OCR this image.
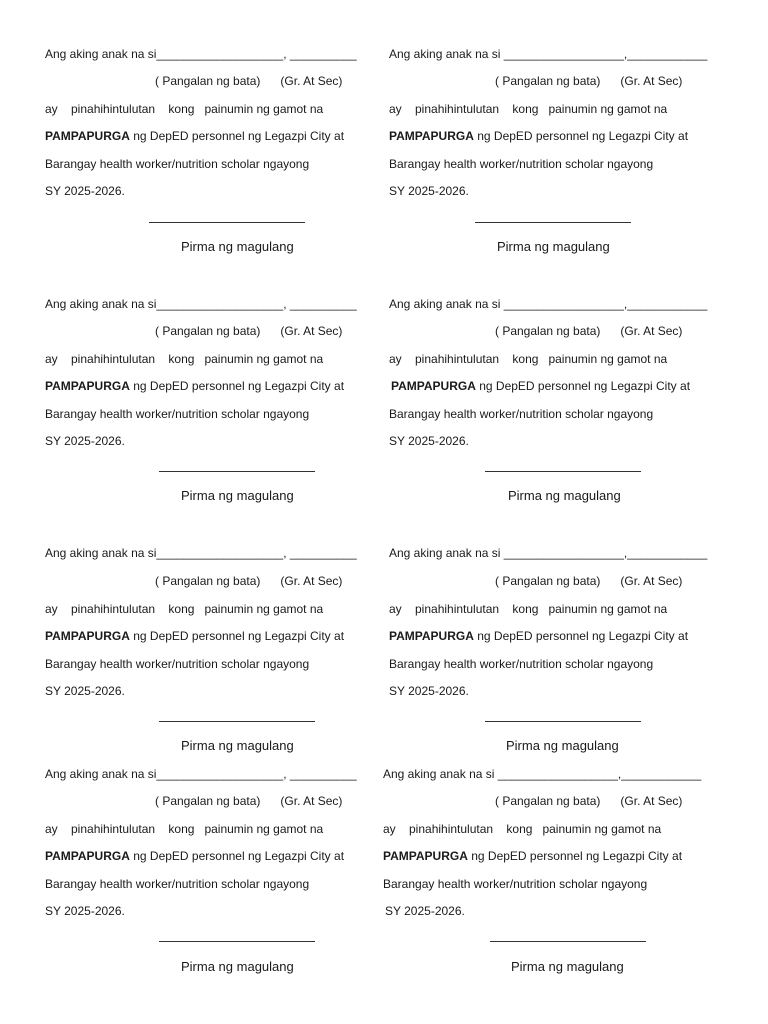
Ang aking anak na si___________________, __________
( Pangalan ng bata)      (Gr. At Sec)
ay    pinahihintulutan    kong   painumin ng gamot na
PAMPAPURGA ng DepED personnel ng Legazpi City at
Barangay health worker/nutrition scholar ngayong
SY 2025-2026.
Pirma ng magulang
Ang aking anak na si __________________,____________
( Pangalan ng bata)      (Gr. At Sec)
ay    pinahihintulutan    kong   painumin ng gamot na
PAMPAPURGA ng DepED personnel ng Legazpi City at
Barangay health worker/nutrition scholar ngayong
SY 2025-2026.
Pirma ng magulang
Ang aking anak na si___________________, __________
( Pangalan ng bata)      (Gr. At Sec)
ay    pinahihintulutan    kong   painumin ng gamot na
PAMPAPURGA ng DepED personnel ng Legazpi City at
Barangay health worker/nutrition scholar ngayong
SY 2025-2026.
Pirma ng magulang
Ang aking anak na si __________________,____________
( Pangalan ng bata)      (Gr. At Sec)
ay    pinahihintulutan    kong   painumin ng gamot na
PAMPAPURGA ng DepED personnel ng Legazpi City at
Barangay health worker/nutrition scholar ngayong
SY 2025-2026.
Pirma ng magulang
Ang aking anak na si___________________, __________
( Pangalan ng bata)      (Gr. At Sec)
ay    pinahihintulutan    kong   painumin ng gamot na
PAMPAPURGA ng DepED personnel ng Legazpi City at
Barangay health worker/nutrition scholar ngayong
SY 2025-2026.
Pirma ng magulang
Ang aking anak na si __________________,____________
( Pangalan ng bata)      (Gr. At Sec)
ay    pinahihintulutan    kong   painumin ng gamot na
PAMPAPURGA ng DepED personnel ng Legazpi City at
Barangay health worker/nutrition scholar ngayong
SY 2025-2026.
Pirma ng magulang
Ang aking anak na si___________________, __________
( Pangalan ng bata)      (Gr. At Sec)
ay    pinahihintulutan    kong   painumin ng gamot na
PAMPAPURGA ng DepED personnel ng Legazpi City at
Barangay health worker/nutrition scholar ngayong
SY 2025-2026.
Pirma ng magulang
Ang aking anak na si __________________,____________
( Pangalan ng bata)      (Gr. At Sec)
ay    pinahihintulutan    kong   painumin ng gamot na
PAMPAPURGA ng DepED personnel ng Legazpi City at
Barangay health worker/nutrition scholar ngayong
SY 2025-2026.
Pirma ng magulang
